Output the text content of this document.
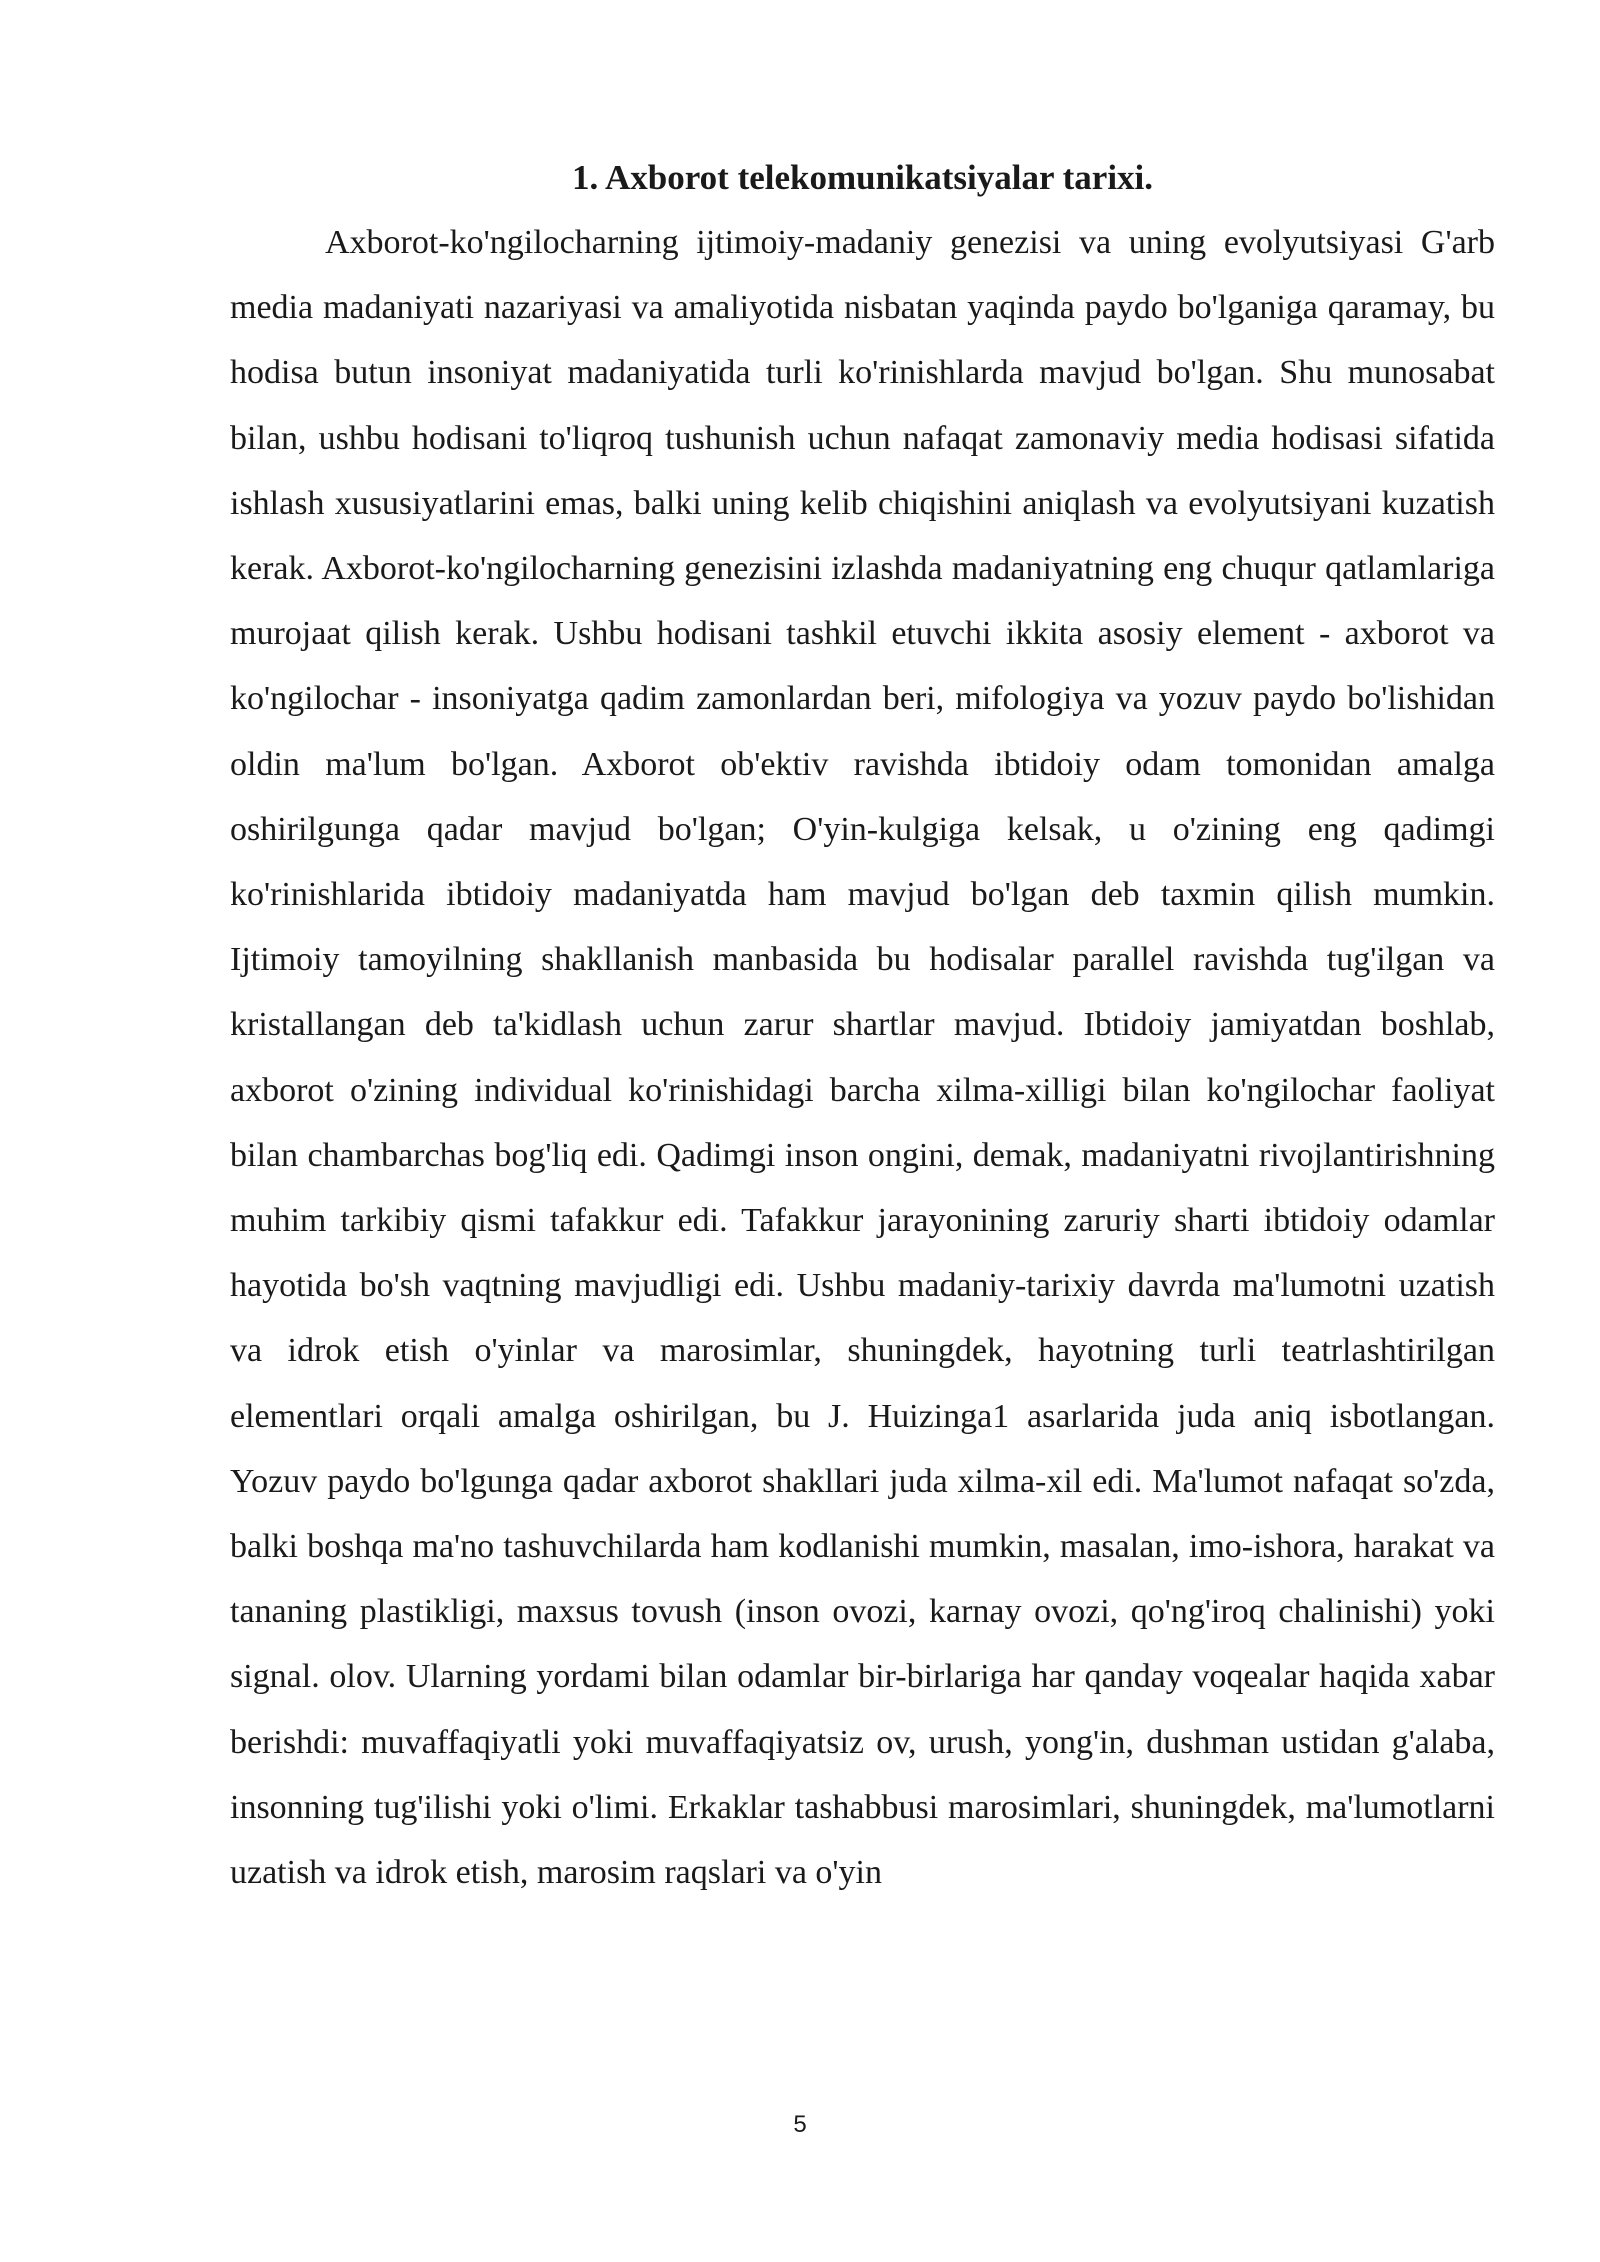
1. Axborot telekomunikatsiyalar tarixi.

Axborot-ko'ngilocharning ijtimoiy-madaniy genezisi va uning evolyutsiyasi G'arb media madaniyati nazariyasi va amaliyotida nisbatan yaqinda paydo bo'lganiga qaramay, bu hodisa butun insoniyat madaniyatida turli ko'rinishlarda mavjud bo'lgan. Shu munosabat bilan, ushbu hodisani to'liqroq tushunish uchun nafaqat zamonaviy media hodisasi sifatida ishlash xususiyatlarini emas, balki uning kelib chiqishini aniqlash va evolyutsiyani kuzatish kerak. Axborot-ko'ngilocharning genezisini izlashda madaniyatning eng chuqur qatlamlariga murojaat qilish kerak. Ushbu hodisani tashkil etuvchi ikkita asosiy element - axborot va ko'ngilochar - insoniyatga qadim zamonlardan beri, mifologiya va yozuv paydo bo'lishidan oldin ma'lum bo'lgan. Axborot ob'ektiv ravishda ibtidoiy odam tomonidan amalga oshirilgunga qadar mavjud bo'lgan; O'yin-kulgiga kelsak, u o'zining eng qadimgi ko'rinishlarida ibtidoiy madaniyatda ham mavjud bo'lgan deb taxmin qilish mumkin. Ijtimoiy tamoyilning shakllanish manbasida bu hodisalar parallel ravishda tug'ilgan va kristallangan deb ta'kidlash uchun zarur shartlar mavjud. Ibtidoiy jamiyatdan boshlab, axborot o'zining individual ko'rinishidagi barcha xilma-xilligi bilan ko'ngilochar faoliyat bilan chambarchas bog'liq edi. Qadimgi inson ongini, demak, madaniyatni rivojlantirishning muhim tarkibiy qismi tafakkur edi. Tafakkur jarayonining zaruriy sharti ibtidoiy odamlar hayotida bo'sh vaqtning mavjudligi edi. Ushbu madaniy-tarixiy davrda ma'lumotni uzatish va idrok etish o'yinlar va marosimlar, shuningdek, hayotning turli teatrlashtirilgan elementlari orqali amalga oshirilgan, bu J. Huizinga1 asarlarida juda aniq isbotlangan. Yozuv paydo bo'lgunga qadar axborot shakllari juda xilma-xil edi. Ma'lumot nafaqat so'zda, balki boshqa ma'no tashuvchilarda ham kodlanishi mumkin, masalan, imo-ishora, harakat va tananing plastikligi, maxsus tovush (inson ovozi, karnay ovozi, qo'ng'iroq chalinishi) yoki signal. olov. Ularning yordami bilan odamlar bir-birlariga har qanday voqealar haqida xabar berishdi: muvaffaqiyatli yoki muvaffaqiyatsiz ov, urush, yong'in, dushman ustidan g'alaba, insonning tug'ilishi yoki o'limi. Erkaklar tashabbusi marosimlari, shuningdek, ma'lumotlarni uzatish va idrok etish, marosim raqslari va o'yin

5
